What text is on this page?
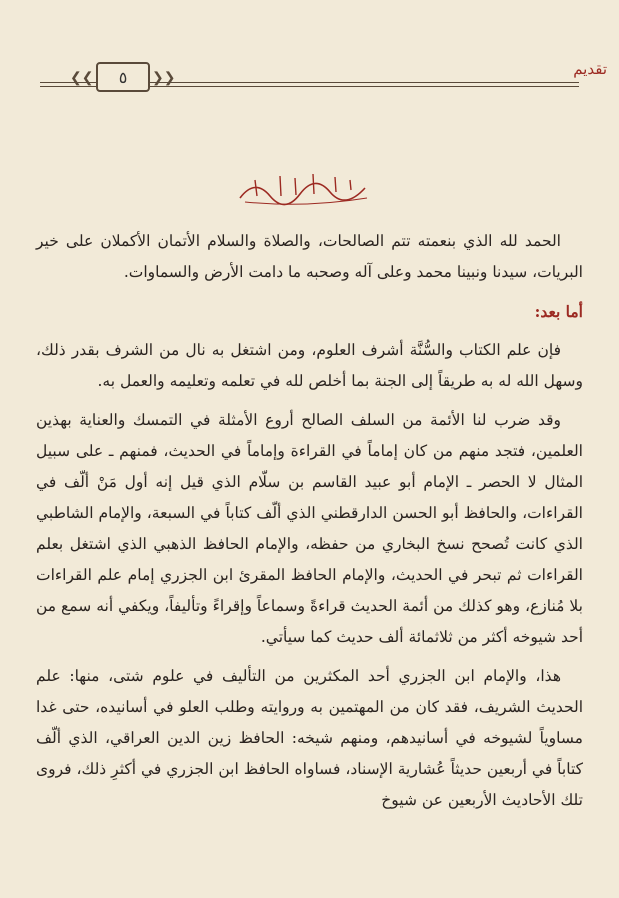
تقديم
❮❮ ٥ ❯❯

الحمد لله الذي بنعمته تتم الصالحات، والصلاة والسلام الأتمان الأكملان على خير البريات، سيدنا ونبينا محمد وعلى آله وصحبه ما دامت الأرض والسماوات.

أما بعد:

فإن علم الكتاب والسُّنَّة أشرف العلوم، ومن اشتغل به نال من الشرف بقدر ذلك، وسهل الله له به طريقاً إلى الجنة بما أخلص لله في تعلمه وتعليمه والعمل به.

وقد ضرب لنا الأئمة من السلف الصالح أروع الأمثلة في التمسك والعناية بهذين العلمين، فتجد منهم من كان إماماً في القراءة وإماماً في الحديث، فمنهم ـ على سبيل المثال لا الحصر ـ الإمام أبو عبيد القاسم بن سلّام الذي قيل إنه أول مَنْ ألّف في القراءات، والحافظ أبو الحسن الدارقطني الذي ألّف كتاباً في السبعة، والإمام الشاطبي الذي كانت تُصحح نسخ البخاري من حفظه، والإمام الحافظ الذهبي الذي اشتغل بعلم القراءات ثم تبحر في الحديث، والإمام الحافظ المقرئ ابن الجزري إمام علم القراءات بلا مُنازع، وهو كذلك من أئمة الحديث قراءةً وسماعاً وإقراءً وتأليفاً، ويكفي أنه سمع من أحد شيوخه أكثر من ثلاثمائة ألف حديث كما سيأتي.

هذا، والإمام ابن الجزري أحد المكثرين من التأليف في علوم شتى، منها: علم الحديث الشريف، فقد كان من المهتمين به وروايته وطلب العلو في أسانيده، حتى غدا مساوياً لشيوخه في أسانيدهم، ومنهم شيخه: الحافظ زين الدين العراقي، الذي ألّف كتاباً في أربعين حديثاً عُشارية الإسناد، فساواه الحافظ ابن الجزري في أكثرِ ذلك، فروى تلك الأحاديث الأربعين عن شيوخ
